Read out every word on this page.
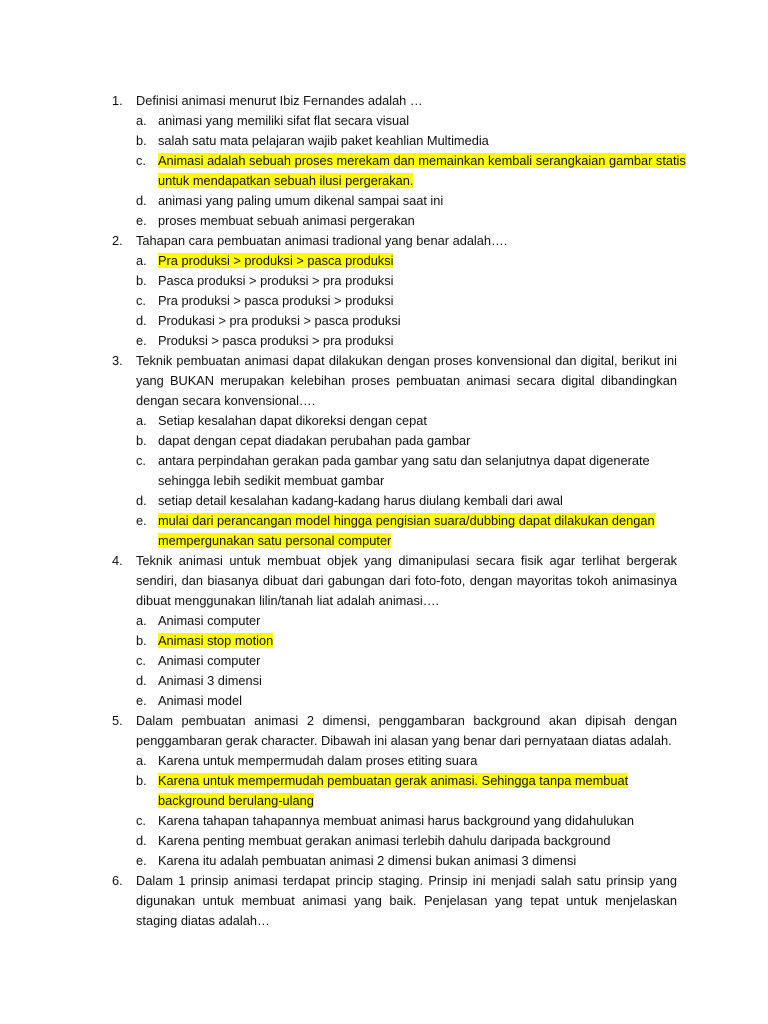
1. Definisi animasi menurut Ibiz Fernandes adalah …
a. animasi yang memiliki sifat flat secara visual
b. salah satu mata pelajaran wajib paket keahlian Multimedia
c. Animasi adalah sebuah proses merekam dan memainkan kembali serangkaian gambar statis
untuk mendapatkan sebuah ilusi pergerakan.
d. animasi yang paling umum dikenal sampai saat ini
e. proses membuat sebuah animasi pergerakan
2. Tahapan cara pembuatan animasi tradional yang benar adalah….
a. Pra produksi > produksi > pasca produksi
b. Pasca produksi > produksi > pra produksi
c. Pra produksi > pasca produksi > produksi
d. Produkasi > pra produksi > pasca produksi
e. Produksi > pasca produksi > pra produksi
3. Teknik pembuatan animasi dapat dilakukan dengan proses konvensional dan digital, berikut ini
yang BUKAN merupakan kelebihan proses pembuatan animasi secara digital dibandingkan
dengan secara konvensional….
a. Setiap kesalahan dapat dikoreksi dengan cepat
b. dapat dengan cepat diadakan perubahan pada gambar
c. antara perpindahan gerakan pada gambar yang satu dan selanjutnya dapat digenerate
sehingga lebih sedikit membuat gambar
d. setiap detail kesalahan kadang-kadang harus diulang kembali dari awal
e. mulai dari perancangan model hingga pengisian suara/dubbing dapat dilakukan dengan
mempergunakan satu personal computer
4. Teknik animasi untuk membuat objek yang dimanipulasi secara fisik agar terlihat bergerak
sendiri, dan biasanya dibuat dari gabungan dari foto-foto, dengan mayoritas tokoh animasinya
dibuat menggunakan lilin/tanah liat adalah animasi….
a. Animasi computer
b. Animasi stop motion
c. Animasi computer
d. Animasi 3 dimensi
e. Animasi model
5. Dalam pembuatan animasi 2 dimensi, penggambaran background akan dipisah dengan
penggambaran gerak character. Dibawah ini alasan yang benar dari pernyataan diatas adalah.
a. Karena untuk mempermudah dalam proses etiting suara
b. Karena untuk mempermudah pembuatan gerak animasi. Sehingga tanpa membuat
background berulang-ulang
c. Karena tahapan tahapannya membuat animasi harus background yang didahulukan
d. Karena penting membuat gerakan animasi terlebih dahulu daripada background
e. Karena itu adalah pembuatan animasi 2 dimensi bukan animasi 3 dimensi
6. Dalam 1 prinsip animasi terdapat princip staging. Prinsip ini menjadi salah satu prinsip yang
digunakan untuk membuat animasi yang baik. Penjelasan yang tepat untuk menjelaskan
staging diatas adalah…
